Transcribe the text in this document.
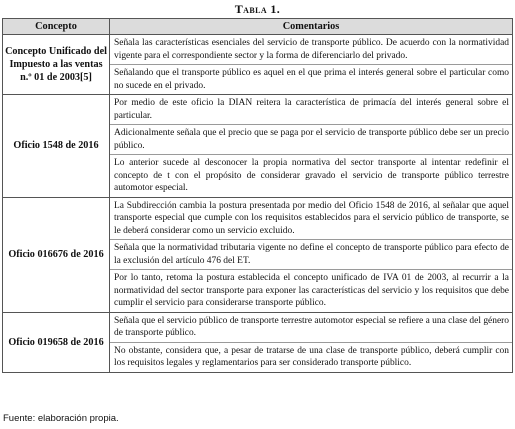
Tabla 1.
Concepto	Comentarios
Concepto Unificado del Impuesto a las ventas n.º 01 de 2003[5]	Señala las características esenciales del servicio de transporte público. De acuerdo con la normatividad vigente para el correspondiente sector y la forma de diferenciarlo del privado.
Señalando que el transporte público es aquel en el que prima el interés general sobre el particular como no sucede en el privado.

Oficio 1548 de 2016	Por medio de este oficio la DIAN reitera la característica de primacía del interés general sobre el particular.
Adicionalmente señala que el precio que se paga por el servicio de transporte público debe ser un precio público.
Lo anterior sucede al desconocer la propia normativa del sector transporte al intentar redefinir el concepto de t con el propósito de considerar gravado el servicio de transporte público terrestre automotor especial.

Oficio 016676 de 2016	La Subdirección cambia la postura presentada por medio del Oficio 1548 de 2016, al señalar que aquel transporte especial que cumple con los requisitos establecidos para el servicio público de transporte, se le deberá considerar como un servicio excluido.
Señala que la normatividad tributaria vigente no define el concepto de transporte público para efecto de la exclusión del artículo 476 del ET.
Por lo tanto, retoma la postura establecida el concepto unificado de IVA 01 de 2003, al recurrir a la normatividad del sector transporte para exponer las características del servicio y los requisitos que debe cumplir el servicio para considerarse transporte público.

Oficio 019658 de 2016	Señala que el servicio público de transporte terrestre automotor especial se refiere a una clase del género de transporte público.
No obstante, considera que, a pesar de tratarse de una clase de transporte público, deberá cumplir con los requisitos legales y reglamentarios para ser considerado transporte público.
Fuente: elaboración propia.
